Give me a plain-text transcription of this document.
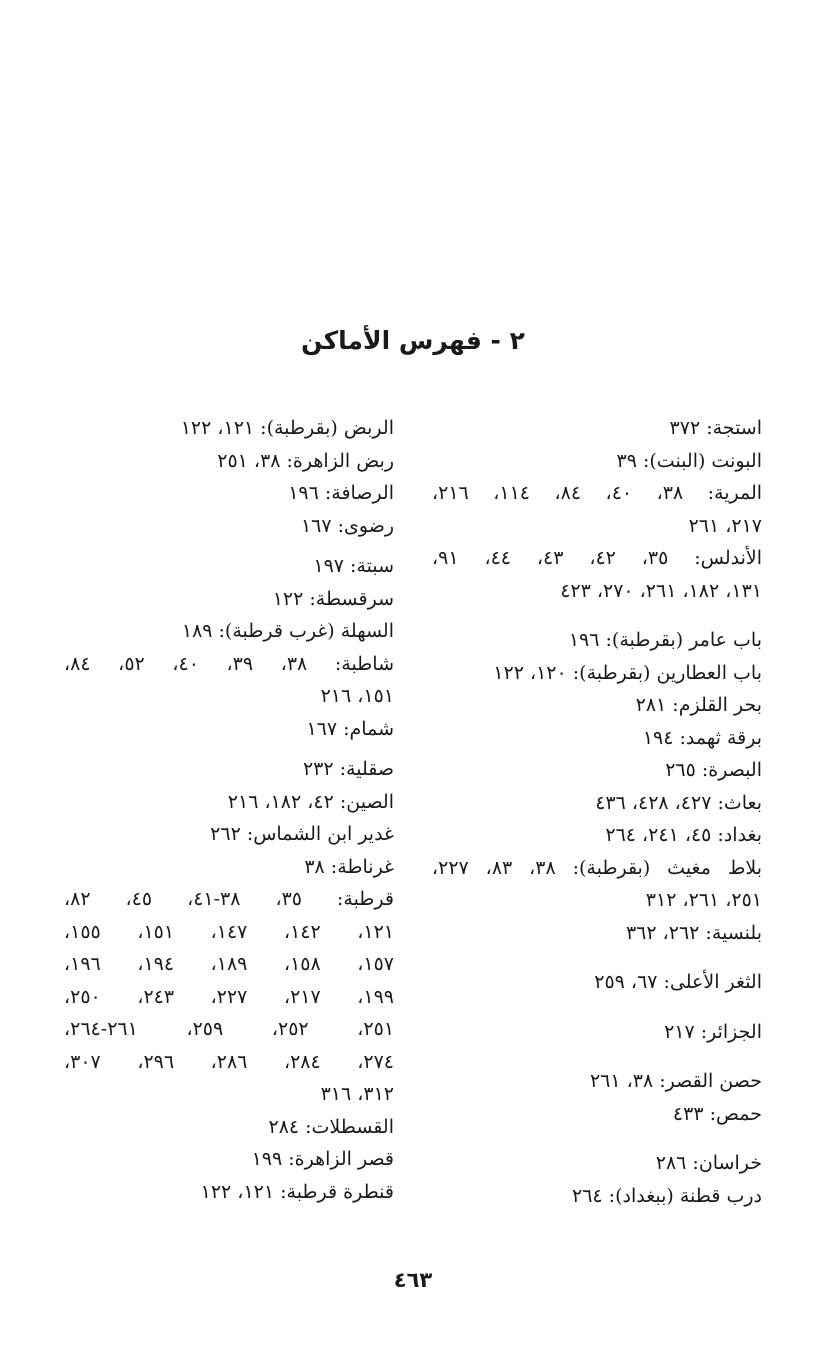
٢ - فهرس الأماكن
استجة: ٣٧٢
البونت (البنت): ٣٩
المرية: ٣٨، ٤٠، ٨٤، ١١٤، ٢١٦،
٢١٧، ٢٦١
الأندلس: ٣٥، ٤٢، ٤٣، ٤٤، ٩١،
١٣١، ١٨٢، ٢٦١، ٢٧٠، ٤٢٣
باب عامر (بقرطبة): ١٩٦
باب العطارين (بقرطبة): ١٢٠، ١٢٢
بحر القلزم: ٢٨١
برقة ثهمد: ١٩٤
البصرة: ٢٦٥
بعاث: ٤٢٧، ٤٢٨، ٤٣٦
بغداد: ٤٥، ٢٤١، ٢٦٤
بلاط مغيث (بقرطبة): ٣٨، ٨٣، ٢٢٧،
٢٥١، ٢٦١، ٣١٢
بلنسية: ٢٦٢، ٣٦٢
الثغر الأعلى: ٦٧، ٢٥٩
الجزائر: ٢١٧
حصن القصر: ٣٨، ٢٦١
حمص: ٤٣٣
خراسان: ٢٨٦
درب قطنة (ببغداد): ٢٦٤
الربض (بقرطبة): ١٢١، ١٢٢
ربض الزاهرة: ٣٨، ٢٥١
الرصافة: ١٩٦
رضوى: ١٦٧
سبتة: ١٩٧
سرقسطة: ١٢٢
السهلة (غرب قرطبة): ١٨٩
شاطبة: ٣٨، ٣٩، ٤٠، ٥٢، ٨٤،
١٥١، ٢١٦
شمام: ١٦٧
صقلية: ٢٣٢
الصين: ٤٢، ١٨٢، ٢١٦
غدير ابن الشماس: ٢٦٢
غرناطة: ٣٨
قرطبة: ٣٥، ٣٨-٤١، ٤٥، ٨٢،
١٢١، ١٤٢، ١٤٧، ١٥١، ١٥٥،
١٥٧، ١٥٨، ١٨٩، ١٩٤، ١٩٦،
١٩٩، ٢١٧، ٢٢٧، ٢٤٣، ٢٥٠،
٢٥١، ٢٥٢، ٢٥٩، ٢٦١-٢٦٤،
٢٧٤، ٢٨٤، ٢٨٦، ٢٩٦، ٣٠٧،
٣١٢، ٣١٦
القسطلات: ٢٨٤
قصر الزاهرة: ١٩٩
قنطرة قرطبة: ١٢١، ١٢٢
٤٦٣
